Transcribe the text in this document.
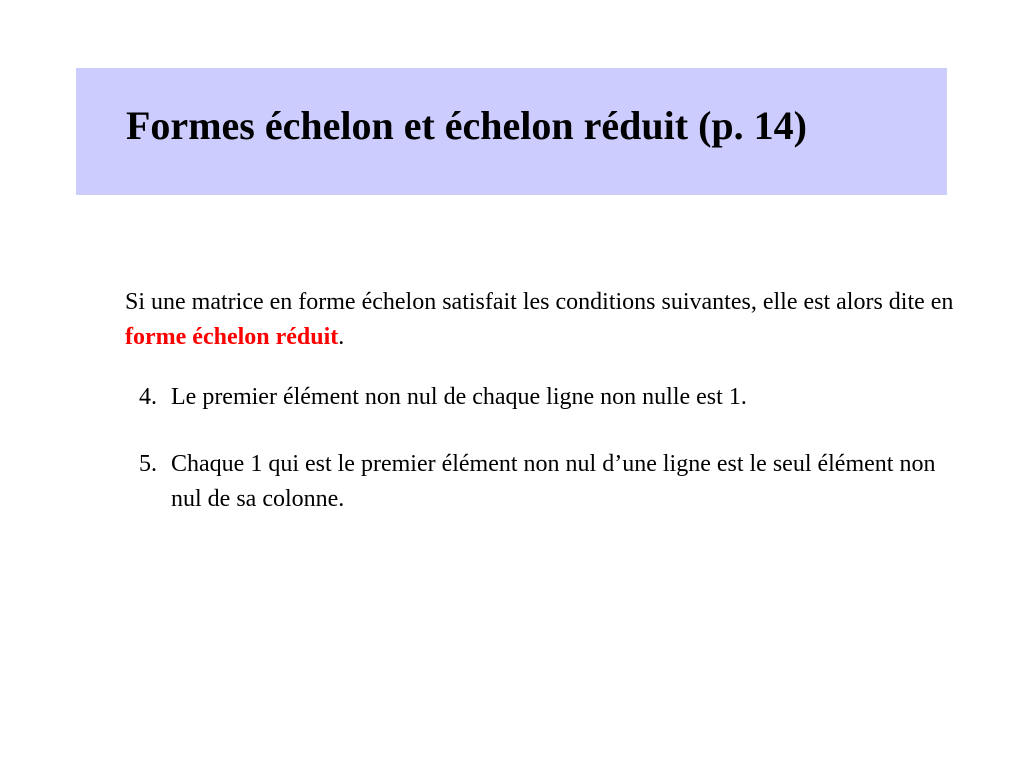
Formes échelon et échelon réduit (p. 14)

Si une matrice en forme échelon satisfait les conditions suivantes, elle est alors dite en forme échelon réduit.

4. Le premier élément non nul de chaque ligne non nulle est 1.
5. Chaque 1 qui est le premier élément non nul d’une ligne est le seul élément non nul de sa colonne.
